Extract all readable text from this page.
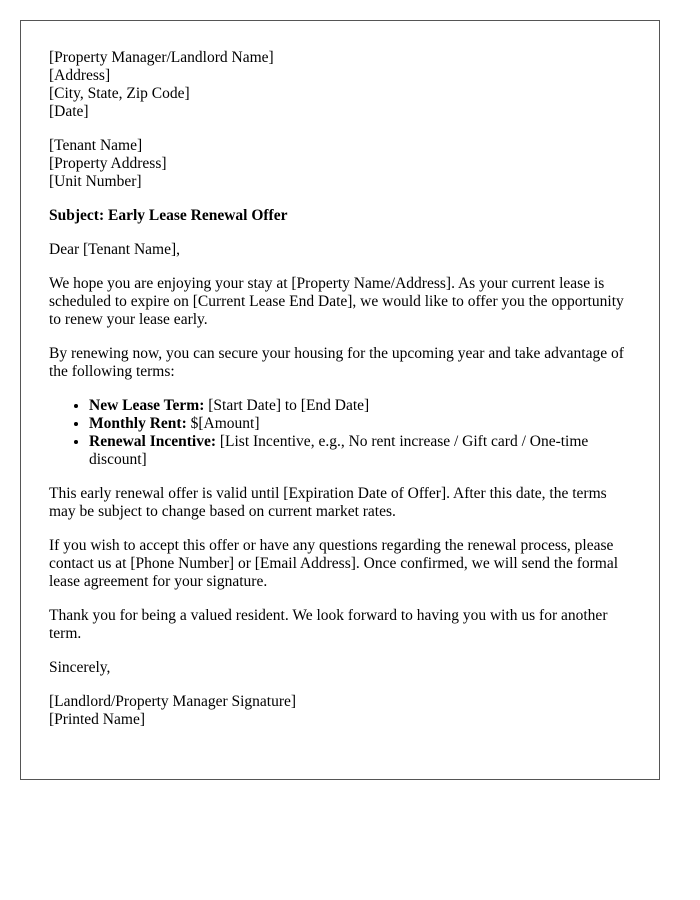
[Property Manager/Landlord Name]
[Address]
[City, State, Zip Code]
[Date]
[Tenant Name]
[Property Address]
[Unit Number]

Subject: Early Lease Renewal Offer

Dear [Tenant Name],

We hope you are enjoying your stay at [Property Name/Address]. As your current lease is scheduled to expire on [Current Lease End Date], we would like to offer you the opportunity to renew your lease early.

By renewing now, you can secure your housing for the upcoming year and take advantage of the following terms:

• New Lease Term: [Start Date] to [End Date]
• Monthly Rent: $[Amount]
• Renewal Incentive: [List Incentive, e.g., No rent increase / Gift card / One-time discount]

This early renewal offer is valid until [Expiration Date of Offer]. After this date, the terms may be subject to change based on current market rates.

If you wish to accept this offer or have any questions regarding the renewal process, please contact us at [Phone Number] or [Email Address]. Once confirmed, we will send the formal lease agreement for your signature.

Thank you for being a valued resident. We look forward to having you with us for another term.

Sincerely,

[Landlord/Property Manager Signature]
[Printed Name]
